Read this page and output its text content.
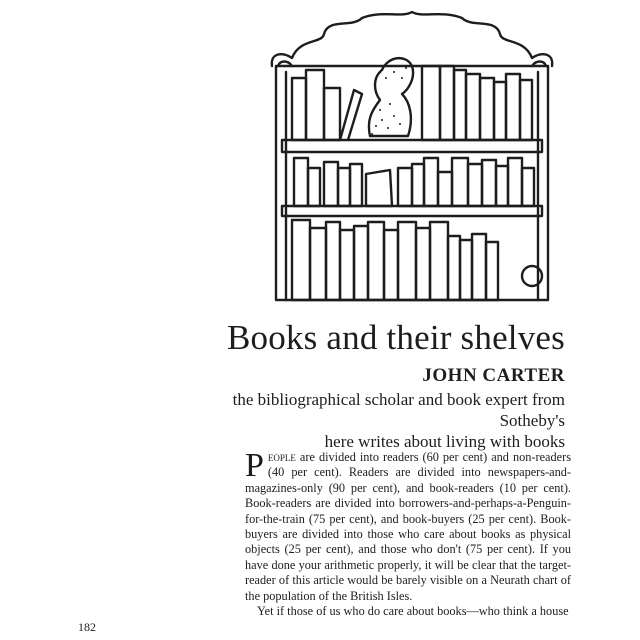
Books and their shelves
JOHN CARTER
the bibliographical scholar and book expert from Sotheby's
here writes about living with books

People are divided into readers (60 per cent) and non-readers (40 per cent). Readers are divided into newspapers-and-magazines-only (90 per cent), and book-readers (10 per cent). Book-readers are divided into borrowers-and-perhaps-a-Penguin-for-the-train (75 per cent), and book-buyers (25 per cent). Book-buyers are divided into those who care about books as physical objects (25 per cent), and those who don't (75 per cent). If you have done your arithmetic properly, it will be clear that the target-reader of this article would be barely visible on a Neurath chart of the population of the British Isles.

Yet if those of us who do care about books—who think a house

182
